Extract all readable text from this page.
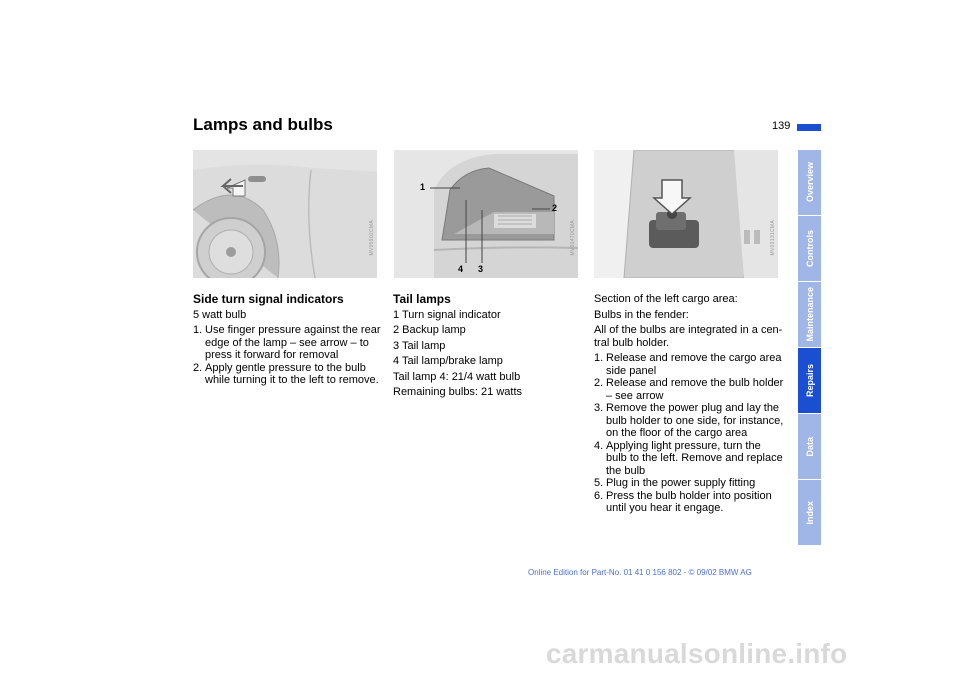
Lamps and bulbs	139
MV05902CMA
1
2
4 3
MV01470CMA	MV03131CMA
Side turn signal indicators

5 watt bulb

1. Use finger pressure against the rear edge of the lamp – see arrow – to press it forward for removal
2. Apply gentle pressure to the bulb while turning it to the left to remove.
Tail lamps
1 Turn signal indicator
2 Backup lamp
3 Tail lamp
4 Tail lamp/brake lamp

Tail lamp 4: 21/4 watt bulb

Remaining bulbs: 21 watts

Section of the left cargo area:

Bulbs in the fender:

All of the bulbs are integrated in a cen-tral bulb holder.

1. Release and remove the cargo area side panel
2. Release and remove the bulb holder – see arrow
3. Remove the power plug and lay the bulb holder to one side, for instance, on the floor of the cargo area
4. Applying light pressure, turn the bulb to the left. Remove and replace the bulb
5. Plug in the power supply fitting
6. Press the bulb holder into position until you hear it engage.
Overview
Controls
Maintenance
Repairs
Data
Index
Online Edition for Part-No. 01 41 0 156 802 - © 09/02 BMW AG
carmanualsonline.info
